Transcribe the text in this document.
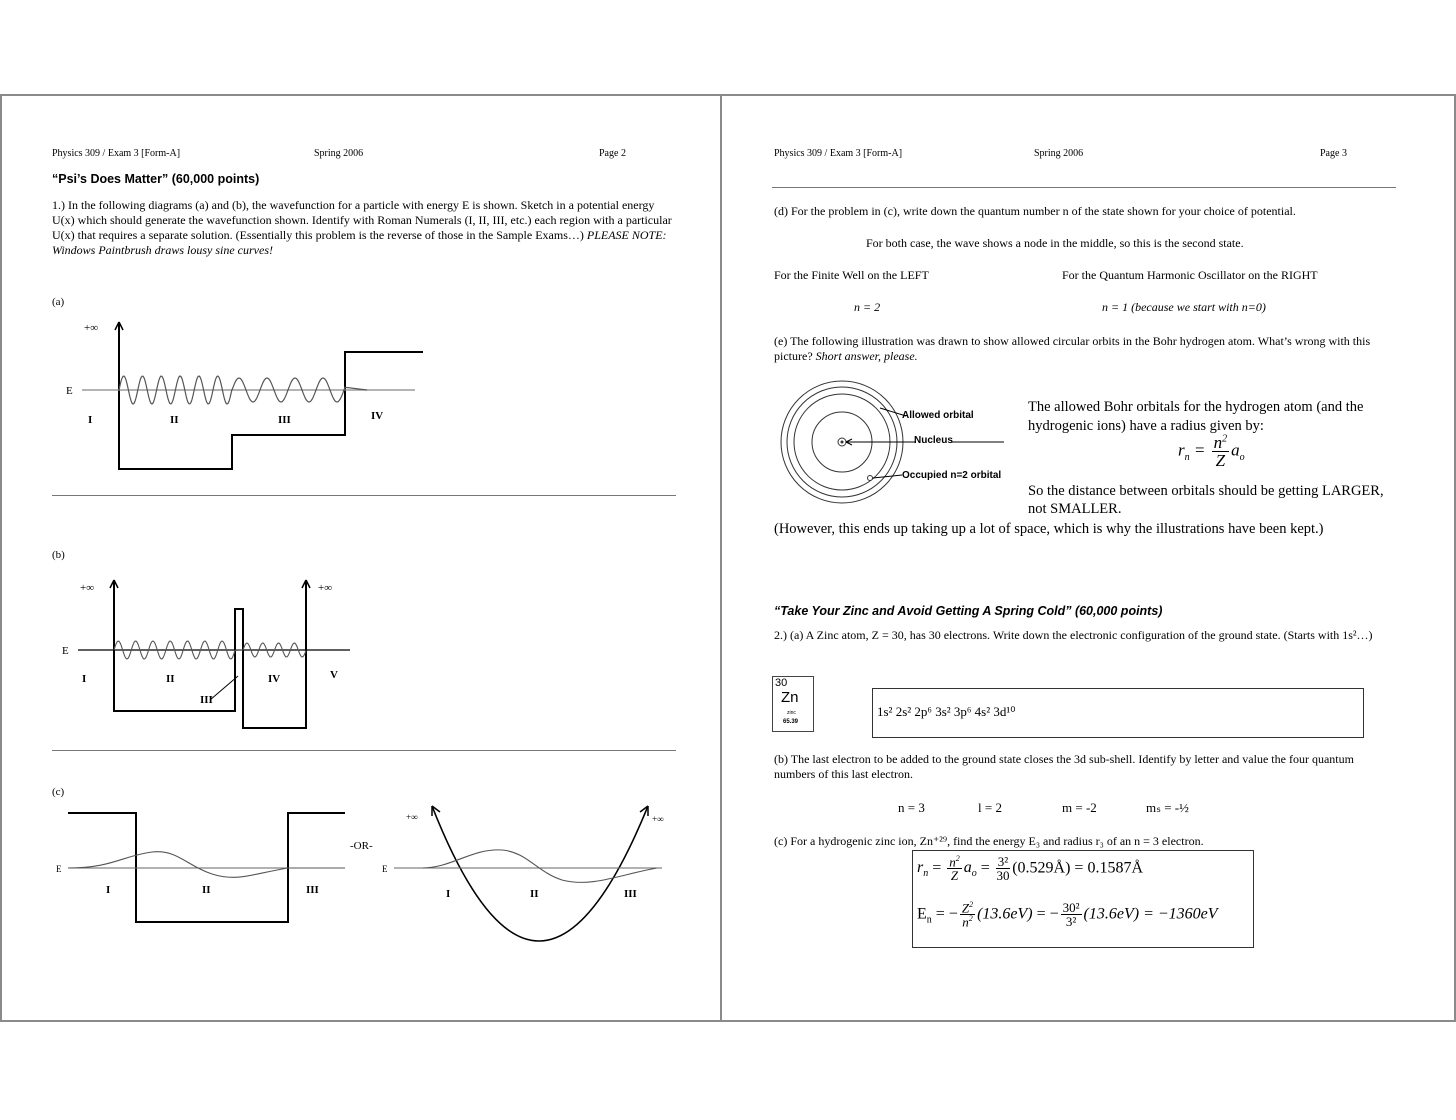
Physics 309 / Exam 3 [Form-A]	Spring 2006	Page 2
“Psi’s Does Matter” (60,000 points)
1.) In the following diagrams (a) and (b), the wavefunction for a particle with energy E is shown. Sketch in a potential energy U(x) which should generate the wavefunction shown. Identify with Roman Numerals (I, II, III, etc.) each region with a particular U(x) that requires a separate solution. (Essentially this problem is the reverse of those in the Sample Exams…) PLEASE NOTE: Windows Paintbrush draws lousy sine curves!
(a)
+∞
E
I	II	III	IV
(b)
+∞	+∞
E
I	II
III
IV	V
(c)
E	E
-OR-
+∞	+∞
I	II	III	I	II	III
Physics 309 / Exam 3 [Form-A]	Spring 2006	Page 3
(d) For the problem in (c), write down the quantum number n of the state shown for your choice of potential.
For both case, the wave shows a node in the middle, so this is the second state.
For the Finite Well on the LEFT	For the Quantum Harmonic Oscillator on the RIGHT
n = 2	n = 1 (because we start with n=0)
(e) The following illustration was drawn to show allowed circular orbits in the Bohr hydrogen atom. What’s wrong with this picture? Short answer, please.
Allowed orbital
Nucleus
Occupied n=2 orbital
The allowed Bohr orbitals for the hydrogen atom (and the hydrogenic ions) have a radius given by:
$r_n = \frac{n^2}{Z} a_o$
So the distance between orbitals should be getting LARGER, not SMALLER.
(However, this ends up taking up a lot of space, which is why the illustrations have been kept.)
“Take Your Zinc and Avoid Getting A Spring Cold” (60,000 points)
2.) (a) A Zinc atom, Z = 30, has 30 electrons. Write down the electronic configuration of the ground state. (Starts with 1s²…)
30
Zn
zinc
65.39
1s² 2s² 2p⁶ 3s² 3p⁶ 4s² 3d¹⁰
(b) The last electron to be added to the ground state closes the 3d sub-shell. Identify by letter and value the four quantum numbers of this last electron.
n = 3	l = 2	m = -2	mₛ = -½
(c) For a hydrogenic zinc ion, Zn⁺²⁹, find the energy E₃ and radius r₃ of an n = 3 electron.
$r_n = \frac{n^2}{Z} a_o = \frac{\text{3²}}{30}$ (0.529Å) = 0.1587Å
$E_n$ = − $\frac{Z^2}{n^2} (13.6eV)$ = − $\frac{\text{30²}}{\text{3²}} (13.6eV) = -1360eV$
